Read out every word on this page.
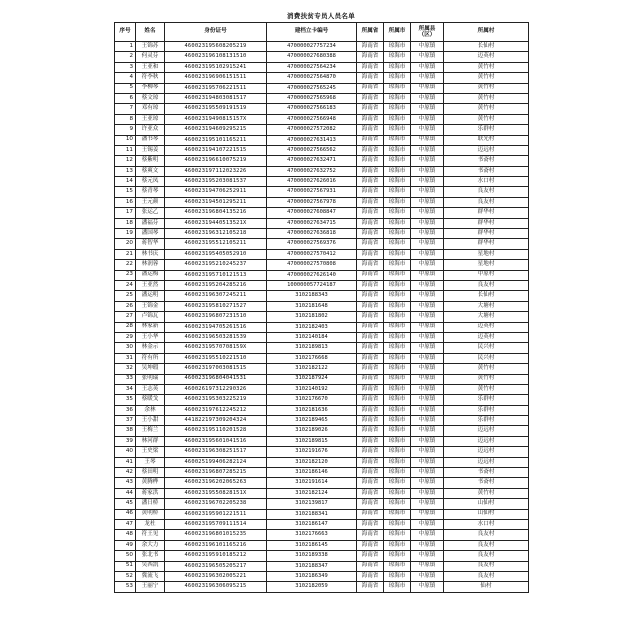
消费扶贫专员人员名单
序号	姓名	身份证号	建档立卡编号	所属省	所属市	所属县（区）	所属村
1	王锦苏	460023195608205219	470000027757234	海南省	琼海市	中原镇	长仙村
2	何灵芬	460023196108131510	470000027680388	海南省	琼海市	中原镇	迈英村
3	王亚和	460023195102915241	470000027564234	海南省	琼海市	中原镇	黄竹村
4	符李秋	460023196906151511	470000027564870	海南省	琼海市	中原镇	黄竹村
5	李柳琴	460023195706221511	470000027565245	海南省	琼海市	中原镇	黄竹村
6	蔡文琼	460023194803081517	470000027565968	海南省	琼海市	中原镇	黄竹村
7	邓有琼	460023195509191519	470000027566183	海南省	琼海市	中原镇	黄竹村
8	王亚琼	46002319490815157X	470000027566948	海南省	琼海市	中原镇	黄竹村
9	许亚众	460023194609295215	470000027572082	海南省	琼海市	中原镇	乐群村
10	潘书琴	460023195101165211	470000027631413	海南省	琼海市	中原镇	联光村
11	王锡姜	460023194107221515	470000027566562	海南省	琼海市	中原镇	迈远村
12	蔡紫明	460023196610075219	470000027632471	海南省	琼海市	中原镇	书斋村
13	蔡爽文	460023197112023226	470000027632752	海南省	琼海市	中原镇	书斋村
14	蔡元凤	460023195203081537	470000027626016	海南省	琼海市	中原镇	水口村
15	蔡青琴	460023194706252911	470000027567931	海南省	琼海市	中原镇	良友村
16	王元颜	460023194501295211	470000027567978	海南省	琼海市	中原镇	良友村
17	张运乙	460023196804135216	470000027608847	海南省	琼海市	中原镇	群华村
18	潘福芬	46002319440513521X	470000027634715	海南省	琼海市	中原镇	群华村
19	潘国琴	460023196312105218	470000027636818	海南省	琼海市	中原镇	群华村
20	蒋智华	460023195512105211	470000027569376	海南省	琼海市	中原镇	群华村
21	林书庆	460023195405052910	470000027570412	海南省	琼海市	中原镇	星地村
22	林润蓉	460023195210245237	470000027570808	海南省	琼海市	中原镇	星地村
23	潘运梅	460023195710121513	470000027626140	海南省	琼海市	中原镇	中原村
24	王亚然	460023195204285216	100000057724187	海南省	琼海市	中原镇	良友村
25	潘运明	460023196307245211	3102188343	海南省	琼海市	中原镇	长仙村
26	王锦金	460023195810271527	3102181648	海南省	琼海市	中原镇	大塘村
27	卢锦瓦	460023196807231510	3102181802	海南省	琼海市	中原镇	大塘村
28	林家新	460023194705261516	3102182403	海南省	琼海市	中原镇	迈英村
29	王小华	460023196503281539	3102140184	海南省	琼海市	中原镇	迈英村
30	林金示	46002319570708159X	3102189813	海南省	琼海市	中原镇	民兴村
31	符有所	460023195510221510	3102176668	海南省	琼海市	中原镇	民兴村
32	吴坤瑕	460023197003081515	3102182122	海南省	琼海市	中原镇	黄竹村
33	张明瑞	460023196804041531	3102187924	海南省	琼海市	中原镇	黄竹村
34	王志英	460026197312290326	3102140192	海南省	琼海市	中原镇	黄竹村
35	蔡暖戈	460023195303225219	3102176670	海南省	琼海市	中原镇	乐群村
36	余林	460023197612245212	3102181636	海南省	琼海市	中原镇	乐群村
37	王小甜	441822197309204324	3102189465	海南省	琼海市	中原镇	乐群村
38	王梅兰	460023195110201528	3102189026	海南省	琼海市	中原镇	迈远村
39	林河群	460023195601041516	3102189815	海南省	琼海市	中原镇	迈远村
40	王史梁	460023196308251517	3102191676	海南省	琼海市	中原镇	迈远村
41	王琴	460025199406282124	3102182120	海南省	琼海市	中原镇	迈远村
42	蔡田明	460023196807285215	3102186146	海南省	琼海市	中原镇	书斋村
43	黄腾桦	460023196202065263	3102191614	海南省	琼海市	中原镇	书斋村
44	蒋家洪	46002319550828151X	3102182124	海南省	琼海市	中原镇	黄竹村
45	潘日桥	460023196702205238	3102139817	海南省	琼海市	中原镇	山仙村
46	黄明桥	460023195901221511	3102188341	海南省	琼海市	中原镇	山仙村
47	龙杜	460023195709111514	3102186147	海南省	琼海市	中原镇	水口村
48	符王见	460023196801015235	3102176663	海南省	琼海市	中原镇	良友村
49	余大力	460023196101165216	3102186145	海南省	琼海市	中原镇	良友村
50	张北书	460023195910185212	3102189338	海南省	琼海市	中原镇	良友村
51	吴西凯	460023196505205217	3102188347	海南省	琼海市	中原镇	良友村
52	冀流飞	460023196302005221	3102186349	海南省	琼海市	中原镇	良友村
53	王丽宁	460023196306095215	3102182059	海南省	琼海市	中原镇	仙村
